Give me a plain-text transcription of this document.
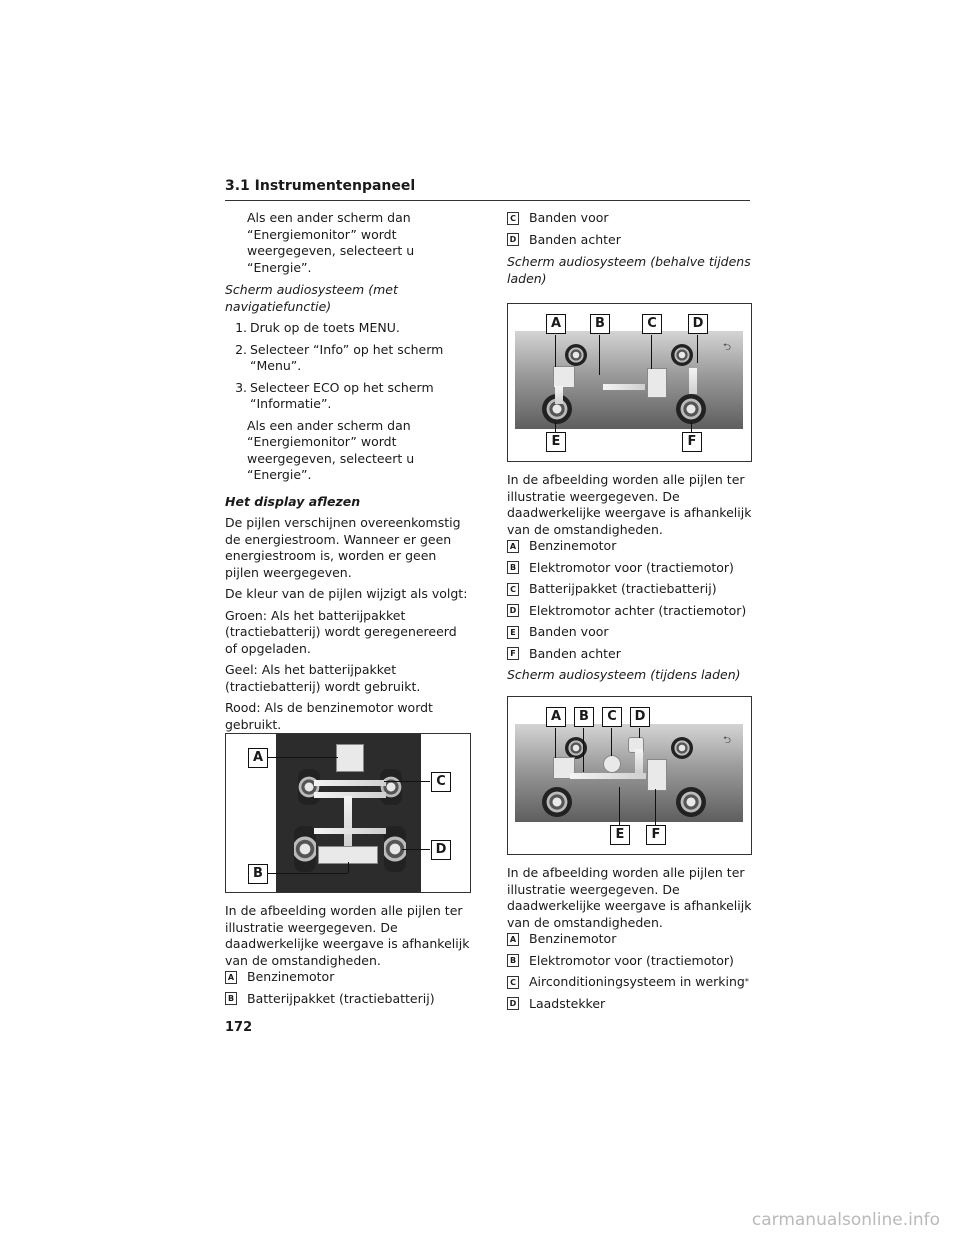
3.1 Instrumentenpaneel

Als een ander scherm dan “Energiemonitor” wordt weergegeven, selecteert u “Energie”.

Scherm audiosysteem (met navigatiefunctie)

1. Druk op de toets MENU.
2. Selecteer “Info” op het scherm “Menu”.
3. Selecteer ECO op het scherm “Informatie”.

Als een ander scherm dan “Energiemonitor” wordt weergegeven, selecteert u “Energie”.

Het display aflezen

De pijlen verschijnen overeenkomstig de energiestroom. Wanneer er geen energiestroom is, worden er geen pijlen weergegeven.

De kleur van de pijlen wijzigt als volgt:

Groen: Als het batterijpakket (tractiebatterij) wordt geregenereerd of opgeladen.

Geel: Als het batterijpakket (tractiebatterij) wordt gebruikt.

Rood: Als de benzinemotor wordt gebruikt.

A
C
D
B

In de afbeelding worden alle pijlen ter illustratie weergegeven. De daadwerkelijke weergave is afhankelijk van de omstandigheden.

A Benzinemotor
B Batterijpakket (tractiebatterij)
C Banden voor
D Banden achter

Scherm audiosysteem (behalve tijdens laden)

⮌
A	B	C	D
E	F

In de afbeelding worden alle pijlen ter illustratie weergegeven. De daadwerkelijke weergave is afhankelijk van de omstandigheden.

A Benzinemotor
B Elektromotor voor (tractiemotor)
C Batterijpakket (tractiebatterij)
D Elektromotor achter (tractiemotor)
E Banden voor
F Banden achter

Scherm audiosysteem (tijdens laden)

⮌
A	B	C	D
E	F

In de afbeelding worden alle pijlen ter illustratie weergegeven. De daadwerkelijke weergave is afhankelijk van de omstandigheden.

A Benzinemotor
B Elektromotor voor (tractiemotor)
C Airconditioningsysteem in werking *
D Laadstekker
172
carmanualsonline.info
